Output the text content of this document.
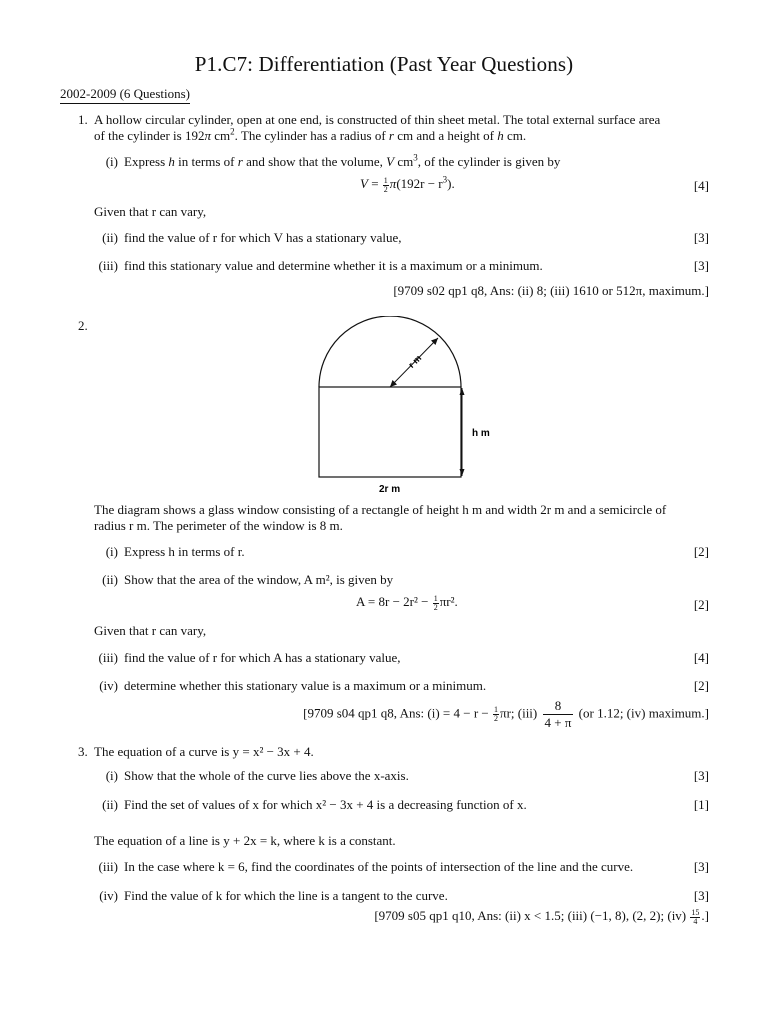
P1.C7: Differentiation (Past Year Questions)
2002-2009 (6 Questions)
1. A hollow circular cylinder, open at one end, is constructed of thin sheet metal. The total external surface area
of the cylinder is 192π $cm^2$. The cylinder has a radius of r cm and a height of h cm.
(i) Express h in terms of r and show that the volume, V $cm^3$, of the cylinder is given by
$V = \frac{1}{2} \pi(192r - r^3)$.	[4]
Given that r can vary,
(ii) find the value of r for which V has a stationary value,	[3]
(iii) find this stationary value and determine whether it is a maximum or a minimum.	[3]
[9709 s02 qp1 q8, Ans: (ii) 8; (iii) 1610 or 512π, maximum.]
2.
r m
h m
2r m
The diagram shows a glass window consisting of a rectangle of height h m and width 2r m and a semicircle of
radius r m. The perimeter of the window is 8 m.
(i) Express h in terms of r.	[2]
(ii) Show that the area of the window, A m², is given by
$A = 8r - 2r^2 - \frac{1}{2} \pi r^2$.	[2]
Given that r can vary,
(iii) find the value of r for which A has a stationary value,	[4]
(iv) determine whether this stationary value is a maximum or a minimum.	[2]
[9709 s04 qp1 q8, Ans: $(i) = 4 - r - \frac{1}{2} \pi r$; $(iii) \frac{8}{4 + \pi} (or$ 1.12; (iv) maximum.]
3. The equation of a curve is y = x² − 3x + 4.
(i) Show that the whole of the curve lies above the x-axis.	[3]
(ii) Find the set of values of x for which x² − 3x + 4 is a decreasing function of x.	[1]
The equation of a line is y + 2x = k, where k is a constant.
(iii) In the case where k = 6, find the coordinates of the points of intersection of the line and the curve.	[3]
(iv) Find the value of k for which the line is a tangent to the curve.	[3]
[9709 s05 qp1 q10, Ans: (ii) x < 1.5; (iii) (−1, 8), (2, 2); $(iv) \frac{15}{4}$ .]
